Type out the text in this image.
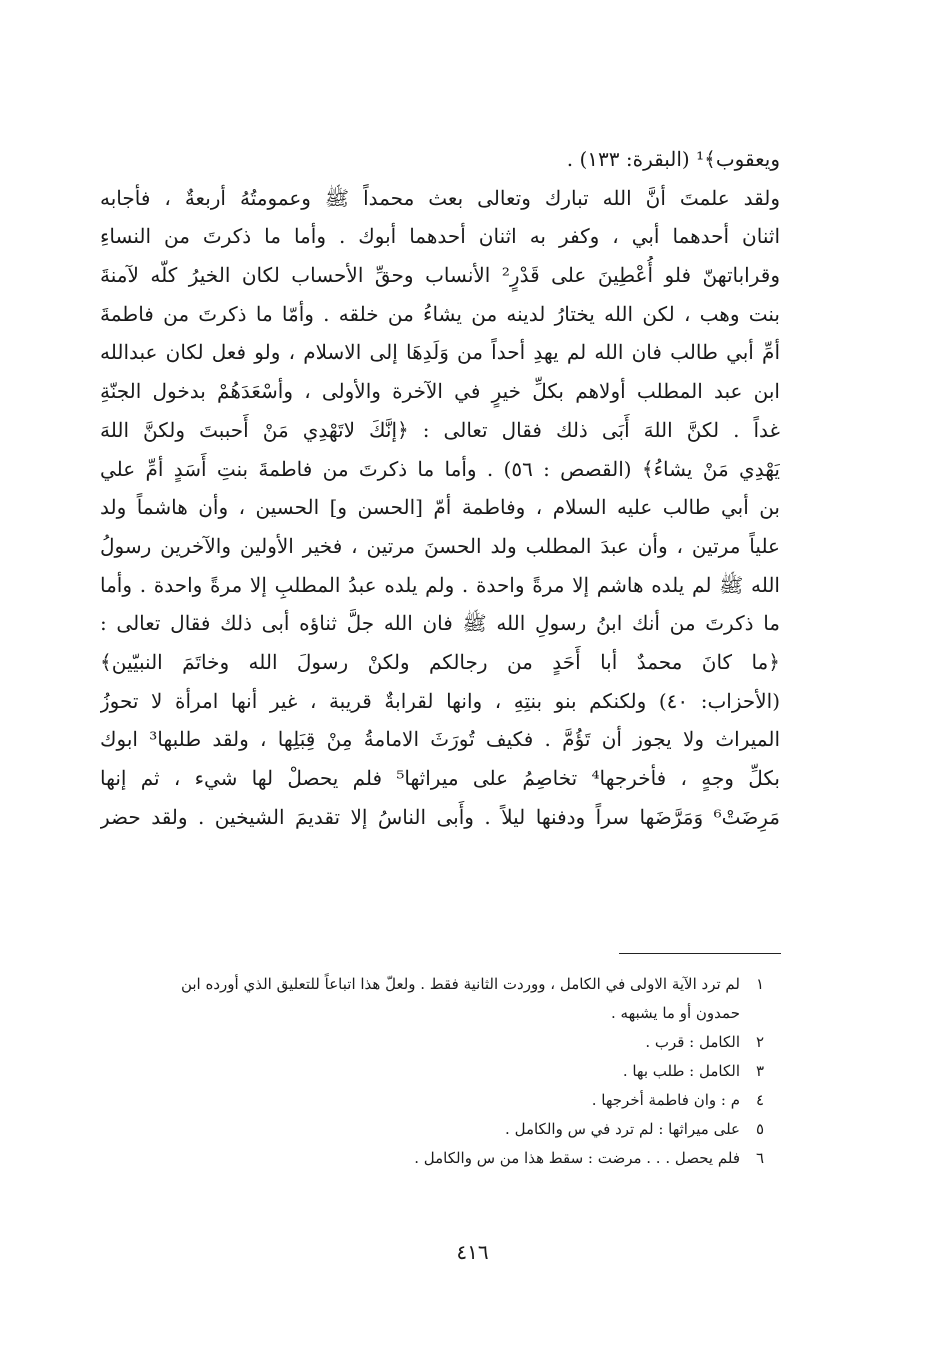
ويعقوب﴾¹ (البقرة: ١٣٣) .
ولقد علمتَ أنَّ الله تبارك وتعالى بعث محمداً ﷺ وعمومتُهُ أربعةٌ ، فأجابه
اثنان أحدهما أبي ، وكفر به اثنان أحدهما أبوك . وأما ما ذكرتَ من النساءِ
وقراباتهنّ فلو أُعْطِينَ على قَدْرٍ² الأنساب وحقِّ الأحساب لكان الخيرُ كلّه لآمنةَ
بنت وهب ، لكن الله يختارُ لدينه من يشاءُ من خلقه . وأمّا ما ذكرتَ من فاطمةَ
أمِّ أبي طالب فان الله لم يهدِ أحداً من وَلَدِهَا إلى الاسلام ، ولو فعل لكان عبدالله
ابن عبد المطلب أولاهم بكلِّ خيرٍ في الآخرة والأولى ، وأسْعَدَهُمْ بدخول الجنّةِ
غداً . لكنَّ اللهَ أَبَى ذلك فقال تعالى : ﴿إنَّكَ لاتَهْدِي مَنْ أَحببتَ ولكنَّ اللهَ
يَهْدِي مَنْ يشاءُ﴾ (القصص : ٥٦) . وأما ما ذكرتَ من فاطمةَ بنتِ أَسَدٍ أمِّ علي
بن أبي طالب عليه السلام ، وفاطمة أمّ [الحسن و] الحسين ، وأن هاشماً ولد
علياً مرتين ، وأن عبدَ المطلب ولد الحسنَ مرتين ، فخير الأولين والآخرين رسولُ
الله ﷺ لم يلده هاشم إلا مرةً واحدة . ولم يلده عبدُ المطلبِ إلا مرةً واحدة . وأما
ما ذكرتَ من أنك ابنُ رسولِ الله ﷺ فان الله جلَّ ثناؤه أبى ذلك فقال تعالى :
﴿ما كانَ محمدٌ أبا أَحَدٍ من رجالكم ولكنْ رسولَ الله وخاتَمَ النبيّين﴾
(الأحزاب: ٤٠) ولكنكم بنو بنتِهِ ، وانها لقرابةٌ قريبة ، غير أنها امرأة لا تحوزُ
الميراث ولا يجوز أن تَؤُمَّ . فكيف تُورَثَ الامامةُ مِنْ قِبَلِها ، ولقد طلبها³ ابوك
بكلِّ وجهٍ ، فأخرجها⁴ تخاصِمُ على ميراثها⁵ فلم يحصلْ لها شيء ، ثم إنها
مَرِضَتْ⁶ وَمَرَّضَها سراً ودفنها ليلاً . وأَبى الناسُ إلا تقديمَ الشيخين . ولقد حضر
١
لم ترد الآية الاولى في الكامل ، ووردت الثانية فقط . ولعلّ هذا اتباعاً للتعليق الذي أورده ابن
حمدون أو ما يشبهه .
٢
الكامل : قرب .
٣
الكامل : طلب بها .
٤
م : وان فاطمة أخرجها .
٥
على ميراثها : لم ترد في س والكامل .
٦
فلم يحصل . . . مرضت : سقط هذا من س والكامل .
٤١٦
